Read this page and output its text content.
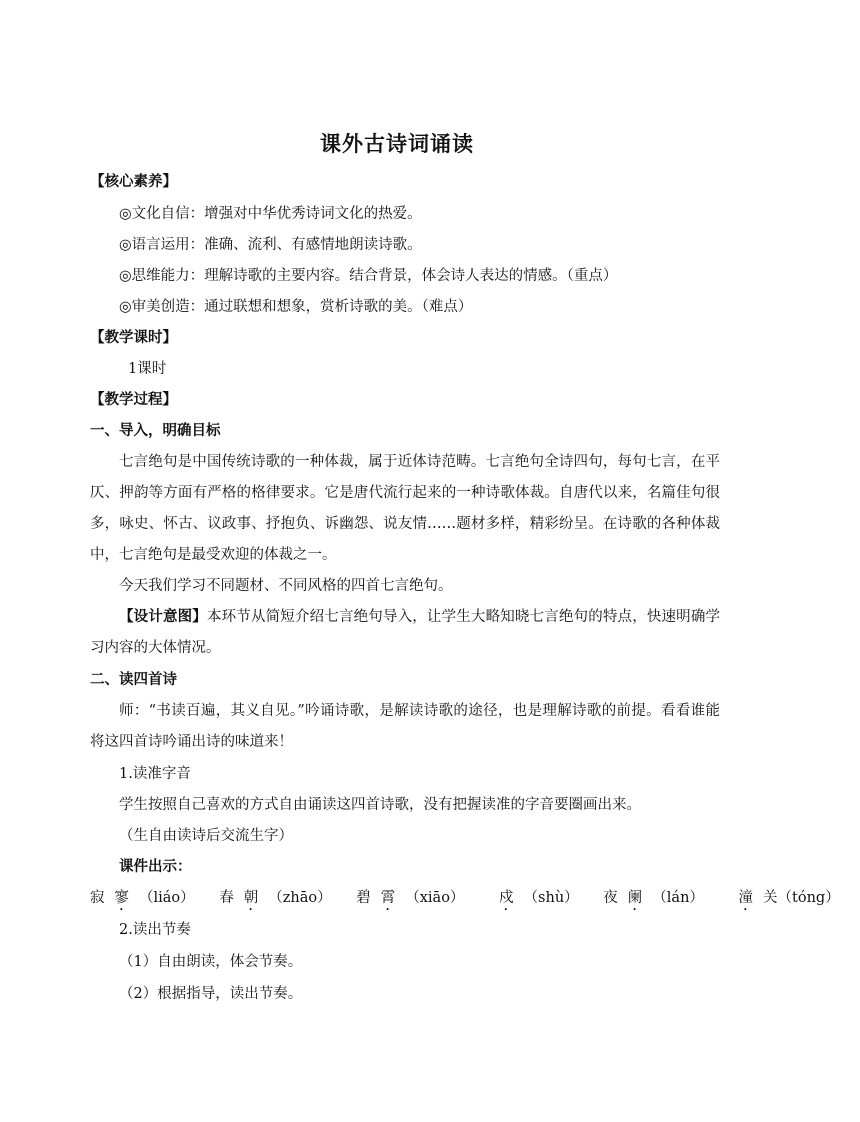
课外古诗词诵读
【核心素养】
◎文化自信：增强对中华优秀诗词文化的热爱。
◎语言运用：准确、流利、有感情地朗读诗歌。
◎思维能力：理解诗歌的主要内容。结合背景，体会诗人表达的情感。（重点）
◎审美创造：通过联想和想象，赏析诗歌的美。（难点）
【教学课时】
1课时
【教学过程】
一、导入，明确目标
七言绝句是中国传统诗歌的一种体裁，属于近体诗范畴。七言绝句全诗四句，每句七言，在平仄、押韵等方面有严格的格律要求。它是唐代流行起来的一种诗歌体裁。自唐代以来，名篇佳句很多，咏史、怀古、议政事、抒抱负、诉幽怨、说友情……题材多样，精彩纷呈。在诗歌的各种体裁中，七言绝句是最受欢迎的体裁之一。
今天我们学习不同题材、不同风格的四首七言绝句。
【设计意图】本环节从简短介绍七言绝句导入，让学生大略知晓七言绝句的特点，快速明确学习内容的大体情况。
二、读四首诗
师：“书读百遍，其义自见。”吟诵诗歌，是解读诗歌的途径，也是理解诗歌的前提。看看谁能将这四首诗吟诵出诗的味道来！
1.读准字音
学生按照自己喜欢的方式自由诵读这四首诗歌，没有把握读准的字音要圈画出来。
（生自由读诗后交流生字）
课件出示：
寂 寥 （liáo） 春 朝 （zhāo） 碧 霄 （xiāo） 戍 （shù） 夜 阑 （lán） 潼 关（tóng）
2.读出节奏
（1）自由朗读，体会节奏。
（2）根据指导，读出节奏。
